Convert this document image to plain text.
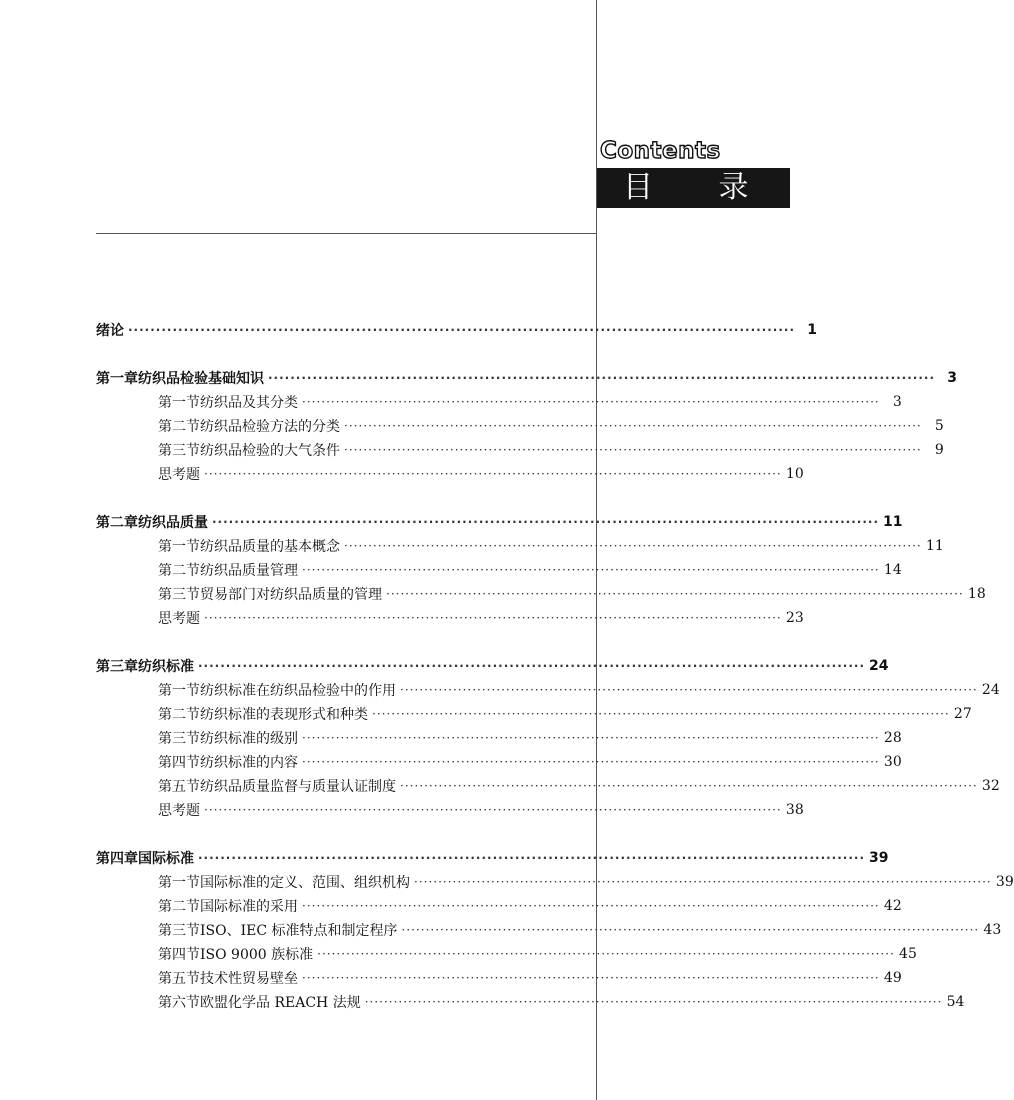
Contents
目 录
绪论 ························································································································ 1
第一章 纺织品检验基础知识 ························································································································ 3
第一节 纺织品及其分类 ························································································································ 3
第二节 纺织品检验方法的分类 ························································································································ 5
第三节 纺织品检验的大气条件 ························································································································ 9
思考题 ························································································································ 10
第二章 纺织品质量 ························································································································ 11
第一节 纺织品质量的基本概念 ························································································································ 11
第二节 纺织品质量管理 ························································································································ 14
第三节 贸易部门对纺织品质量的管理 ························································································································ 18
思考题 ························································································································ 23
第三章 纺织标准 ························································································································ 24
第一节 纺织标准在纺织品检验中的作用 ························································································································ 24
第二节 纺织标准的表现形式和种类 ························································································································ 27
第三节 纺织标准的级别 ························································································································ 28
第四节 纺织标准的内容 ························································································································ 30
第五节 纺织品质量监督与质量认证制度 ························································································································ 32
思考题 ························································································································ 38
第四章 国际标准 ························································································································ 39
第一节 国际标准的定义、范围、组织机构 ························································································································ 39
第二节 国际标准的采用 ························································································································ 42
第三节 ISO、IEC 标准特点和制定程序 ························································································································ 43
第四节 ISO 9000 族标准 ························································································································ 45
第五节 技术性贸易壁垒 ························································································································ 49
第六节 欧盟化学品 REACH 法规 ························································································································ 54
